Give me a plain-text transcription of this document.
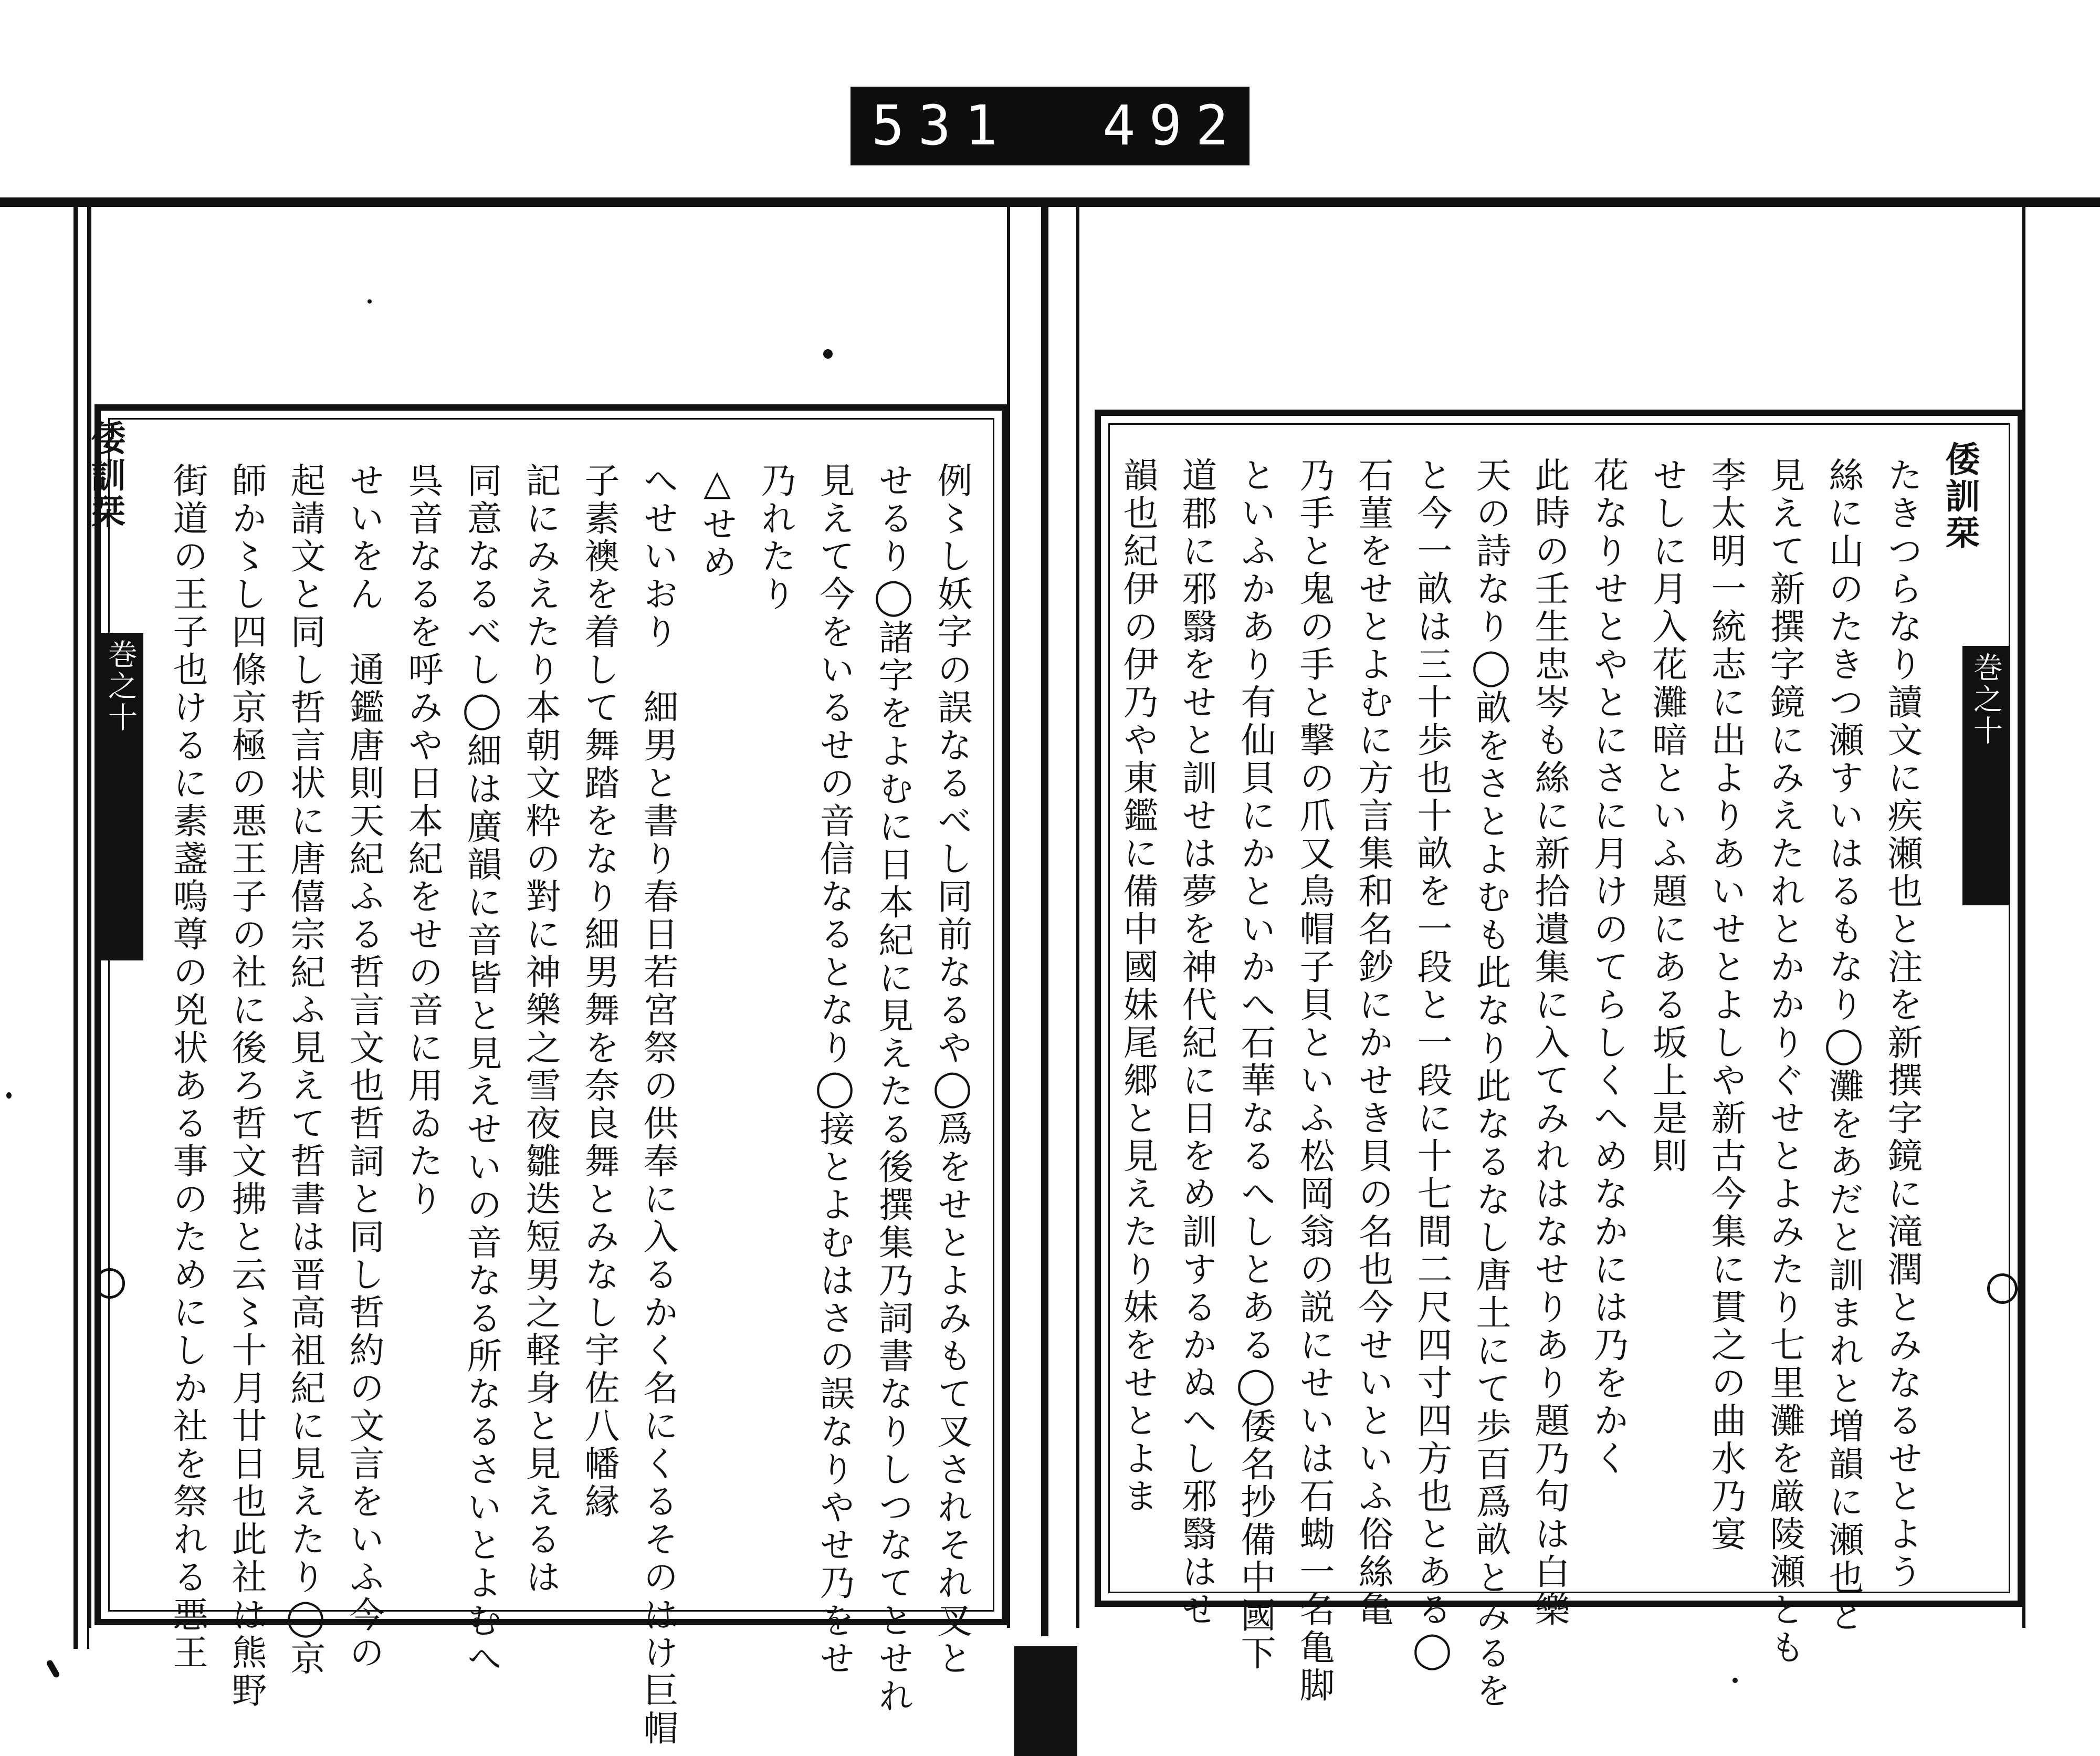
531 492.
倭訓栞
巻之十
倭訓栞
巻之十
例〻し妖字の誤なるべし同前なるや◯爲をせとよみもて叉されそれ叉と
せるり◯諸字をよむに日本紀に見えたる後撰集乃詞書なりしつなてとせれ
見えて今をいるせの音信なるとなり◯接とよむはさの誤なりやせ乃をせ
乃れたり
△せめ
へせいおり　細男と書り春日若宮祭の供奉に入るかく名にくるそのはけ巨帽
子素襖を着して舞踏をなり細男舞を奈良舞とみなし宇佐八幡縁
記にみえたり本朝文粋の對に神樂之雪夜雛迭短男之軽身と見えるは
同意なるべし◯細は廣韻に音皆と見えせいの音なる所なるさいとよむへ
呉音なるを呼みや日本紀をせの音に用ゐたり
せいをん　通鑑唐則天紀ふる哲言文也哲詞と同し哲約の文言をいふ今の
起請文と同し哲言状に唐僖宗紀ふ見えて哲書は晋高祖紀に見えたり◯京
師か〻し四條京極の悪王子の社に後ろ哲文拂と云〻十月廿日也此社は熊野
街道の王子也けるに素盞嗚尊の兇状ある事のためにしか社を祭れる悪王	たきつらなり讀文に疾瀬也と注を新撰字鏡に滝潤とみなるせとよう
絲に山のたきつ瀬すいはるもなり◯灘をあだと訓まれと増韻に瀬也と
見えて新撰字鏡にみえたれとかかりぐせとよみたり七里灘を厳陵瀬とも
李太明一統志に出よりあいせとよしや新古今集に貫之の曲水乃宴
せしに月入花灘暗といふ題にある坂上是則
花なりせとやとにさに月けのてらしくへめなかには乃をかく
此時の壬生忠岑も絲に新拾遺集に入てみれはなせりあり題乃句は白樂
天の詩なり◯畝をさとよむも此なり此なるなし唐土にて歩百爲畝とみるを
と今一畝は三十歩也十畝を一段と一段に十七間二尺四寸四方也とある◯
石菫をせとよむに方言集和名鈔にかせき貝の名也今せいといふ俗絲亀
乃手と鬼の手と撃の爪又鳥帽子貝といふ松岡翁の説にせいは石蜐一名亀脚
といふかあり有仙貝にかといかへ石華なるへしとある◯倭名抄備中國下
道郡に邪翳をせと訓せは夢を神代紀に日をめ訓するかぬへし邪翳はせ
韻也紀伊の伊乃や東鑑に備中國妹尾郷と見えたり妹をせとよま
